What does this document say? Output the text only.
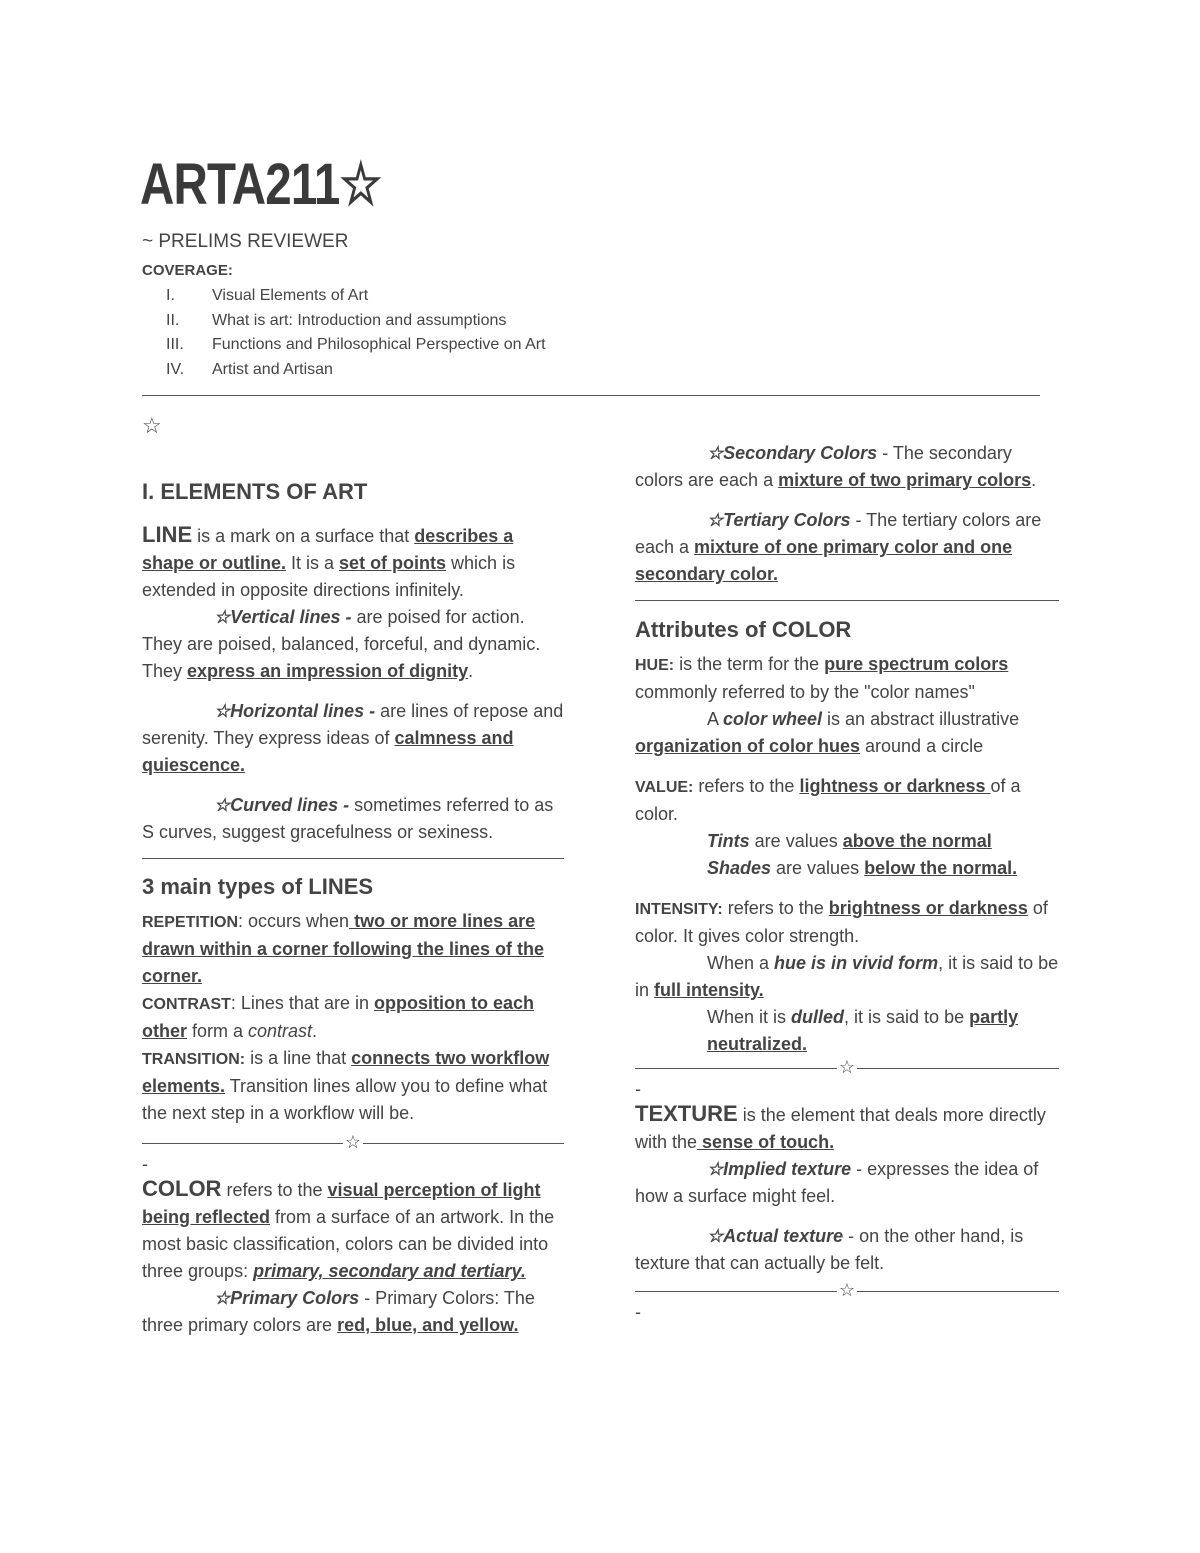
ARTA211☆
~ PRELIMS REVIEWER
COVERAGE:
I.	Visual Elements of Art
II.	What is art: Introduction and assumptions
III.	Functions and Philosophical Perspective on Art
IV.	Artist and Artisan
☆

I. ELEMENTS OF ART

LINE is a mark on a surface that describes a shape or outline. It is a set of points which is extended in opposite directions infinitely.

☆Vertical lines - are poised for action. They are poised, balanced, forceful, and dynamic. They express an impression of dignity.

☆Horizontal lines - are lines of repose and serenity. They express ideas of calmness and quiescence.

☆Curved lines - sometimes referred to as S curves, suggest gracefulness or sexiness.

3 main types of LINES

REPETITION: occurs when two or more lines are drawn within a corner following the lines of the corner.

CONTRAST: Lines that are in opposition to each other form a contrast.

TRANSITION: is a line that connects two workflow elements. Transition lines allow you to define what the next step in a workflow will be.

☆

-

COLOR refers to the visual perception of light being reflected from a surface of an artwork. In the most basic classification, colors can be divided into three groups: primary, secondary and tertiary.

☆Primary Colors - Primary Colors: The three primary colors are red, blue, and yellow.

☆Secondary Colors - The secondary colors are each a mixture of two primary colors.

☆Tertiary Colors - The tertiary colors are each a mixture of one primary color and one secondary color.

Attributes of COLOR

HUE: is the term for the pure spectrum colors commonly referred to by the "color names"

A color wheel is an abstract illustrative organization of color hues around a circle

VALUE: refers to the lightness or darkness of a color.

Tints are values above the normal

Shades are values below the normal.

INTENSITY: refers to the brightness or darkness of color. It gives color strength.

When a hue is in vivid form, it is said to be in full intensity.

When it is dulled, it is said to be partly neutralized.

☆

-

TEXTURE is the element that deals more directly with the sense of touch.

☆Implied texture - expresses the idea of how a surface might feel.

☆Actual texture - on the other hand, is texture that can actually be felt.

☆

-
